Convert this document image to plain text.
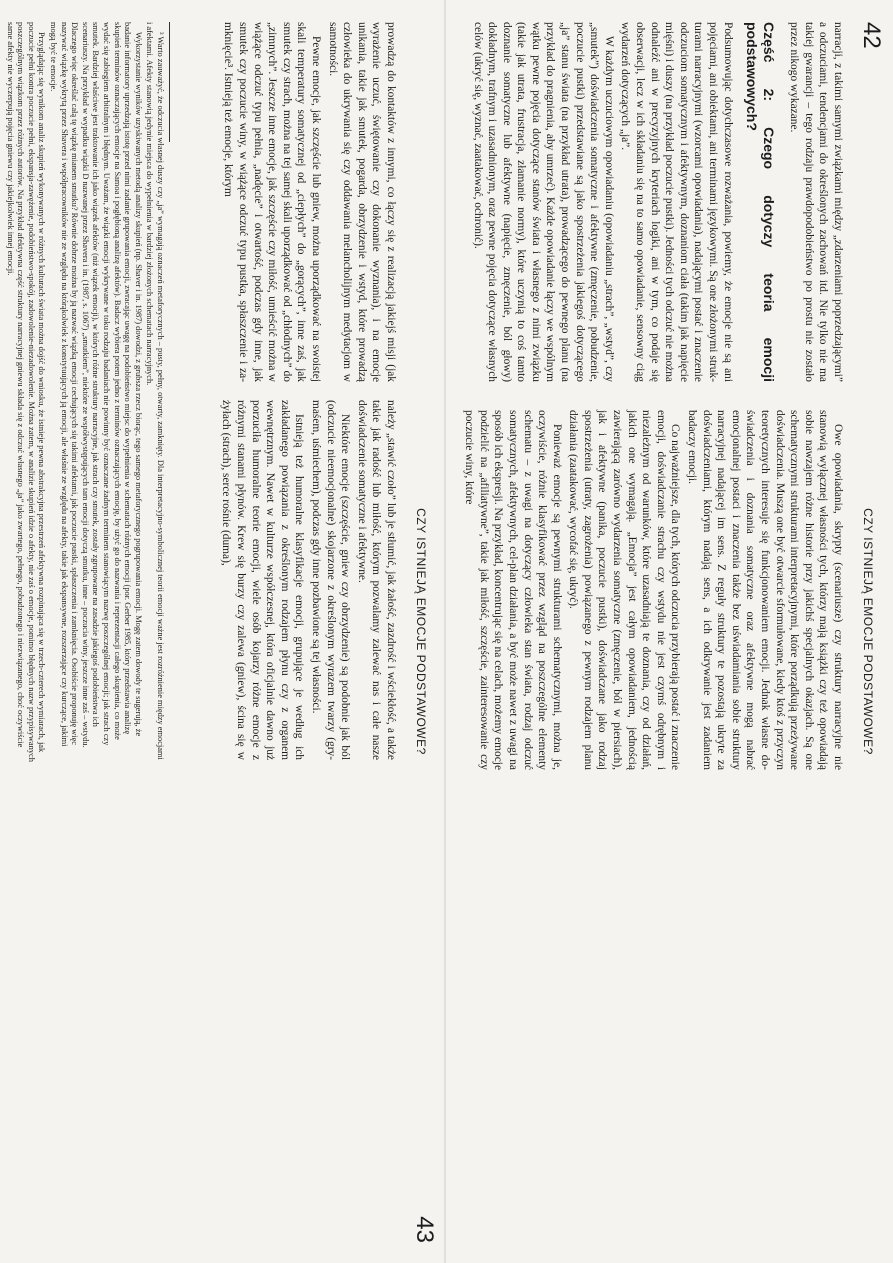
CZY ISTNIEJĄ EMOCJE PODSTAWOWE?
43

prowadzą do kontaktów z innymi, co łączy się z realizacją jakiejś misji (jak wyrażenie uczuć, świętowanie czy dokonanie wyznania), i na emocje unikania, takie jak smutek, pogarda, obrzydzenie i wstyd, które prowadzą człowieka do ukrywania się czy oddawania melancholijnym medytacjom w samotności.

Pewne emocje, jak szczęście lub gniew, można uporządkować na swoistej skali temperatury somatycznej od „ciepłych” do „gorących”, inne zaś, jak smutek czy strach, można na tej samej skali uporządkować od „chłodnych” do „zimnych”. Jeszcze inne emocje, jak szczęście czy miłość, umieścić można w wiążące odczuć typu pełnia, „nadęcie” i otwartość, podczas gdy inne, jak smutek czy poczucie winy, w wiążące odczuć typu pustka, spłaszczenie i zamknięcie³. Istnieją też emocje, którym

należy „stawić czoło” lub je stłumić, jak żałość, zazdrość i wściekłość, a także takie jak radość lub miłość, którym pozwalamy zalewać nas i całe nasze doświadczenie somatyczne i afektywne.

Niektóre emocje (szczęście, gniew czy obrzydzenie) są podobnie jak ból (odczucie nieemocjonalne) skojarzone z określonym wyrazem twarzy (grymaśem, uśmiechem), podczas gdy inne pozbawione są tej własności.

Istnieją też humoralne klasyfikacje emocji, grupujące je według ich zakładanego powiązania z określonym rodzajem płynu czy z organem wewnętrznym. Nawet w kulturze współczesnej, która oficjalnie dawno już porzuciła humoralne teorie emocji, wiele osób kojarzy różne emocje z różnymi stanami płynów. Krew się burzy czy zalewa (gniew), ścina się w żyłach (strach), serce rośnie (duma),

³ Warto zauważyć, że odczucia własnej duszy czy „ja” wymagają oznaczeń metaforycznych – pusty, pełny, otwarty, zamknięty. Dla interpretacyjno-symbolicznej teorii emocji ważne jest rozróżnienie między emocjami i afektami. Afekty stanowią jedynie miejsca do wypełnienia w bardziej złożonych schematach narracyjnych.

Wykorzystanie wyników uzyskiwanych metodą analizy skupień (np. Shaver i in. 1987) dowodzi, z grubsza rzecz biorąc, tego samego metaforycznego pogrupowania emocji. Mogę zatem dowody te sugerują, że badanie informatory uprzedzają istotę przed nimi zadanie grupowania emocji, zwracając uwagę na podobieństwo miejsc do wypełnienia w schematach różnych emocji (por. Gerber 1985, który przedstawia analizę skupień terminów oznaczających emocje na Samoa i pogłębioną analizę afektów). Badacz wybiera potem jedno z terminów oznaczających emocję, by użyć go do nazwania i reprezentacji całego skupienia, co może wydać się zabiegiem arbitralnym i błędnym. Uważam, że wiązki emocji wykrywane w toku rodzaju badaniach nie powinny być oznaczane żadnym terminem stanowiącym nazwę poszczególnej emocji; jak strach czy smutek. Bardziej właściwe jest traktowanie ich jako wiązek afektów (niż wiązek emocji), w których różne struktury narracyjne, jak strach czy smutek, zostały zgrupowane na zasadzie jakiegoś podobieństwa ich scenariuszy. Na przykład w wypadku wiązki D nazwanej przez Shavera i in. (1987, s. 1067) „smutkiem”, niektóre ze współwystępujących tam emocji dotyczą smutku, inne – poczucia winy, jeszcze inne zaś – wstydu. Dlaczego więc określać całą tę wiązkę mianem smutku? Równie dobrze można by ją nazwać wiązką emocji cechujących się takimi afektami, jak poczucie pustki, spłaszczenia i zamknięcia. Osobiście proponuję więc nazywać wiązkę wykrytą przez Shavera i współpracowników nie ze względu na którąkolwiek z konstytuujących ją emocji, ale właśnie ze względu na afekty, takie jak ekspansywne, rozszerzające czy kurczące, jakimi mogą być te emocje.

Przyglądając się wynikom analiz skupień wykonywanych w różnych kulturach świata można dojść do wniosku, że istnieje pewna abstrakcyjna przestrzeń afektywna rozpinająca się w trzech-czterech wymiarach, jak poczucie pełni kontra poczucie pełni, ekspansja-zawężenie, podobieństwo-spokój, zadowolenie-niezadowolenie. Można zatem, w analizie skupień idzie o afekty, nie zaś o emocje, pomimo błędnych nazw przypisywanych poszczególnym wiązkom przez różnych autorów. Na przykład afektywna część struktury narracyjnej gniewu składa się z odczuć własnego „ja” jako zwartego, pełnego, pobudzonego i niezwiązanego, choć oczywiście same afekty nie wyczerpują pojęcia gniewu czy jakiejkolwiek innej emocji.

CZY ISTNIEJĄ EMOCJE PODSTAWOWE?
42

narracji, z takimi samymi związkami między „zdarzeniami poprzedzającymi” a odczuciami, tendencjami do określonych zachowań itd. Nie tylko nie ma takiej gwarancji – tego rodzaju prawdopodobieństwo po prostu nie zostało przez nikogo wykazane.

Część 2: Czego dotyczy teoria emocji podstawowych?

Podsumowując dotychczasowe rozważania, powiemy, że emocje nie są ani pojęciami, ani obiektami, ani terminami językowymi. Są one złożonymi strukturami narracyjnymi (wzorcami opowiadania), nadającymi postać i znaczenie odczuciom somatycznym i afektywnym, doznaniom ciała (takim jak napięcie mięśni) i duszy (na przykład poczucie pustki). Jedności tych odczuć nie można odnaleźć ani w precyzyjnych kryteriach logiki, ani w tym, co podaje się obserwacji, lecz w ich składaniu się na to samo opowiadanie, sensowny ciąg wydarzeń dotyczących „ja”.

W każdym uczuciowym opowiadaniu (opowiadaniu „strach”, „wstyd”, czy „smutek”) doświadczenia somatyczne i afektywne (zmęczenie, pobudzenie, poczucie pustki) przedstawiane są jako spostrzeżenia jakiegoś dotyczącego „ja” stanu świata (na przykład utrata), prowadzącego do pewnego planu (na przykład do pragnienia, aby umrzeć). Każde opowiadanie łączy we wspólnym wątku pewne pojęcia dotyczące stanów świata i własnego z nimi związku (takie jak utrata, frustracja, złamanie normy), które uczynią to coś tamto doznanie somatyczne lub afektywne (napięcie, zmęczenie, ból głowy) dokładnym, trafnym i uzasadnionym, oraz pewne pojęcia dotyczące własnych celów (ukryć się, wyznać, zaatakować, ochronić).

Owe opowiadania, skrypty (scenariusze) czy struktury narracyjne nie stanowią wyłącznej własności tych, którzy mają książki czy też opowiadają sobie nawzajem różne historie przy jakichś specjalnych okazjach. Są one schematycznymi strukturami interpretacyjnymi, które porządkują przeżywane doświadczenia. Muszą one być otwarcie sformułowane, kiedy ktoś z przyczyn teoretycznych interesuje się funkcjonowaniem emocji. Jednak własne doświadczenia i doznania somatyczne oraz afektywne mogą nabrać emocjonalnej postaci i znaczenia także bez uświadamiania sobie struktury narracyjnej nadającej im sens. Z reguły struktury te pozostają ukryte za doświadczeniami, którym nadają sens, a ich odkrywanie jest zadaniem badaczy emocji.

Co najważniejsze, dla tych, których odczucia przybierają postać i znaczenie emocji, doświadczanie strachu czy wstydu nie jest czymś odrębnym i niezależnym od warunków, które uzasadniają te doznania, czy od działań, jakich one wymagają. „Emocja” jest całym opowiadaniem, jednością zawierającą zarówno wydarzenia somatyczne (zmęczenie, ból w piersiach), jak i afektywne (panika, poczucie pustki), doświadczane jako rodzaj spostrzeżenia (utraty, zagrożenia) powiązanego z pewnym rodzajem planu działania (zaatakować, wycofać się, ukryć).

Ponieważ emocje są pewnymi strukturami schematycznymi, można je, oczywiście, różnie klasyfikować przez wzgląd na poszczególne elementy schematu – z uwagi na dotyczący człowieka stan świata, rodzaj odczuć somatycznych, afektywnych, cel-plan działania, a być może nawet z uwagi na sposób ich ekspresji. Na przykład, koncentrując się na celach, możemy emocje podzielić na „afiliatywne”, takie jak miłość, szczęście, zainteresowanie czy poczucie winy, które
